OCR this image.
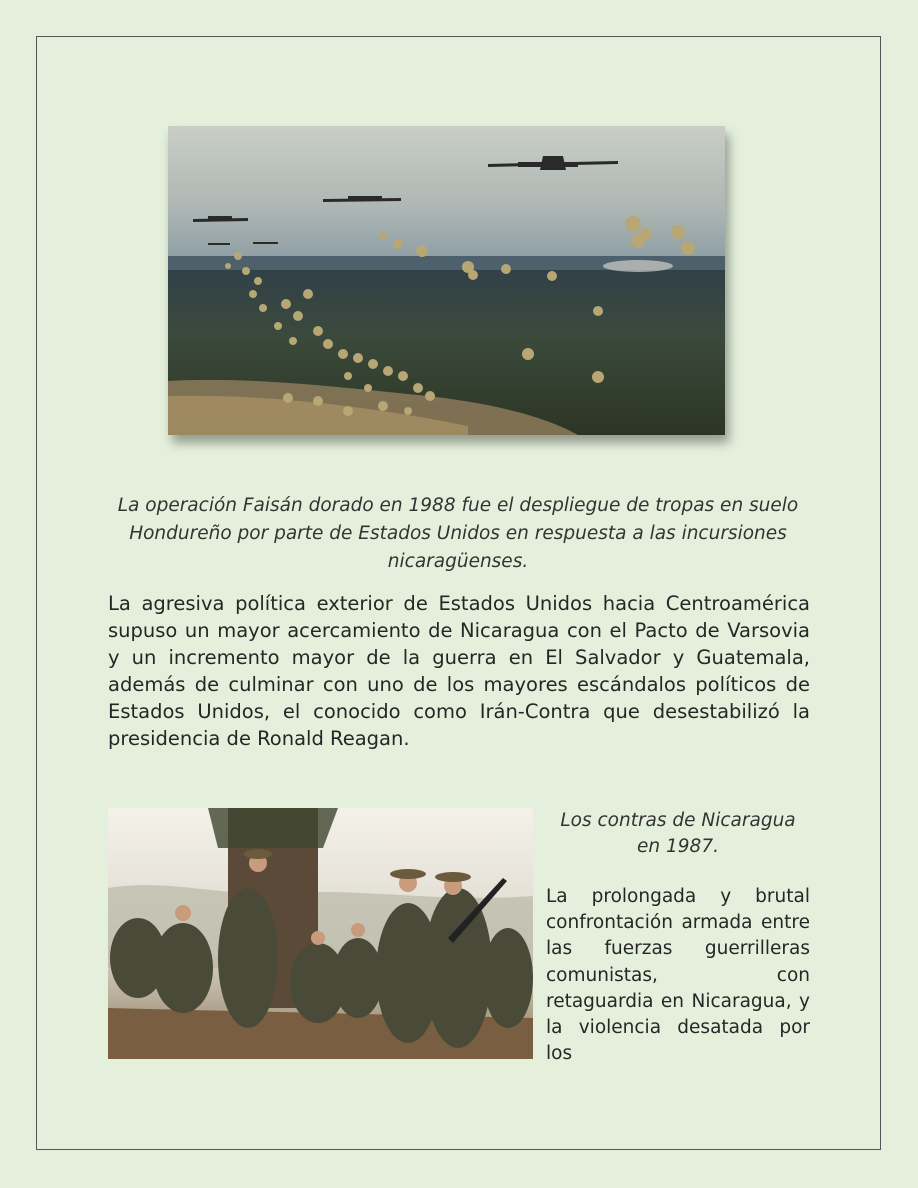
La operación Faisán dorado en 1988 fue el despliegue de tropas en suelo Hondureño por parte de Estados Unidos en respuesta a las incursiones nicaragüenses.
La agresiva política exterior de Estados Unidos hacia Centroamérica supuso un mayor acercamiento de Nicaragua con el Pacto de Varsovia y un incremento mayor de la guerra en El Salvador y Guatemala, además de culminar con uno de los mayores escándalos políticos de Estados Unidos, el conocido como Irán-Contra que desestabilizó la presidencia de Ronald Reagan.
Los contras de Nicaragua en 1987.
La prolongada y brutal confrontación armada entre las fuerzas guerrilleras comunistas, con retaguardia en Nicaragua, y la violencia desatada por los
